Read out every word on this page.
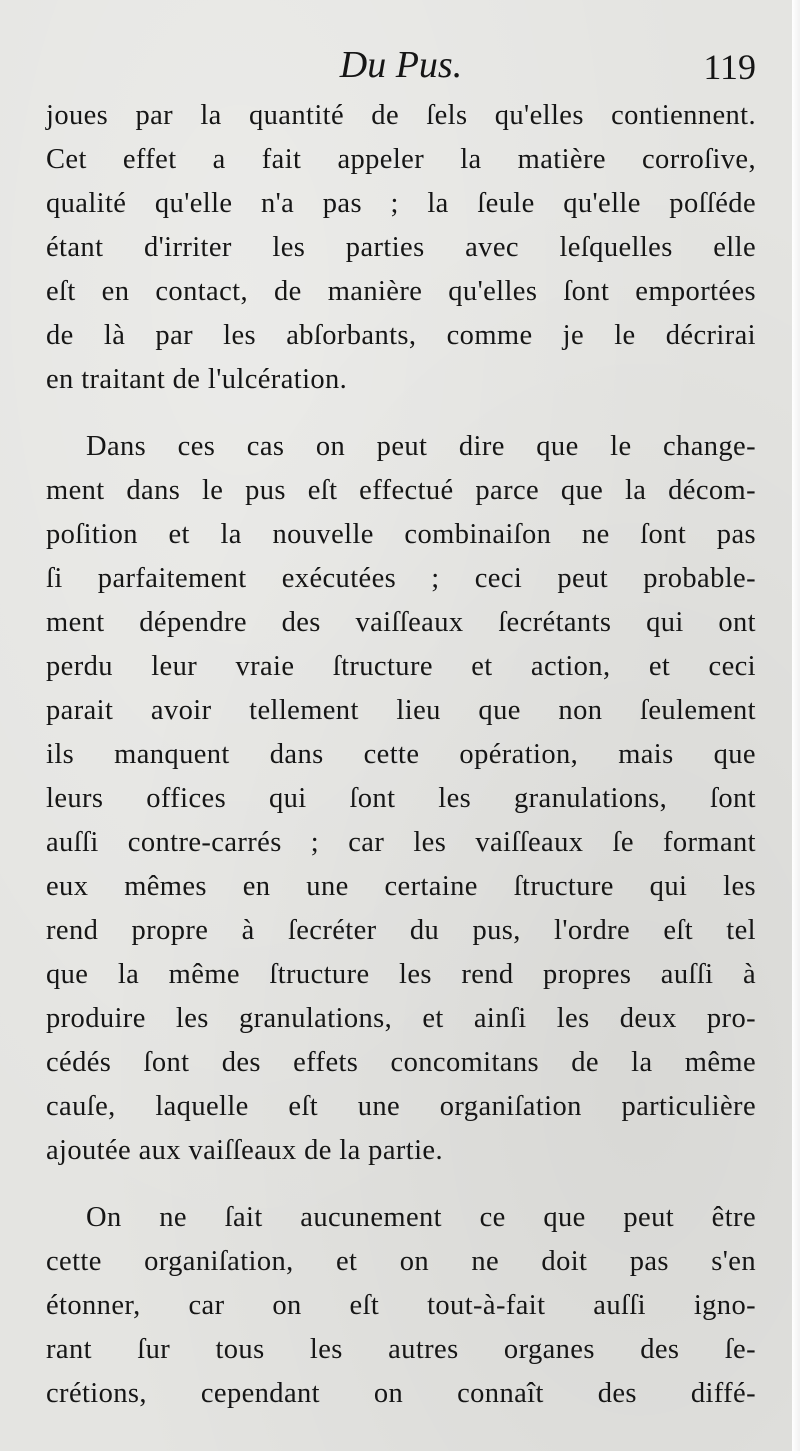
Du Pus.	119
joues par la quantité de ſels qu'elles contiennent.
Cet effet a fait appeler la matière corroſive,
qualité qu'elle n'a pas ; la ſeule qu'elle poſſéde
étant d'irriter les parties avec leſquelles elle
eſt en contact, de manière qu'elles ſont emportées
de là par les abſorbants, comme je le décrirai
en traitant de l'ulcération.
Dans ces cas on peut dire que le change-
ment dans le pus eſt effectué parce que la décom-
poſition et la nouvelle combinaiſon ne ſont pas
ſi parfaitement exécutées ; ceci peut probable-
ment dépendre des vaiſſeaux ſecrétants qui ont
perdu leur vraie ſtructure et action, et ceci
parait avoir tellement lieu que non ſeulement
ils manquent dans cette opération, mais que
leurs offices qui ſont les granulations, ſont
auſſi contre-carrés ; car les vaiſſeaux ſe formant
eux mêmes en une certaine ſtructure qui les
rend propre à ſecréter du pus, l'ordre eſt tel
que la même ſtructure les rend propres auſſi à
produire les granulations, et ainſi les deux pro-
cédés ſont des effets concomitans de la même
cauſe, laquelle eſt une organiſation particulière
ajoutée aux vaiſſeaux de la partie.
On ne ſait aucunement ce que peut être
cette organiſation, et on ne doit pas s'en
étonner, car on eſt tout-à-fait auſſi igno-
rant ſur tous les autres organes des ſe-
crétions, cependant on connaît des diffé-
